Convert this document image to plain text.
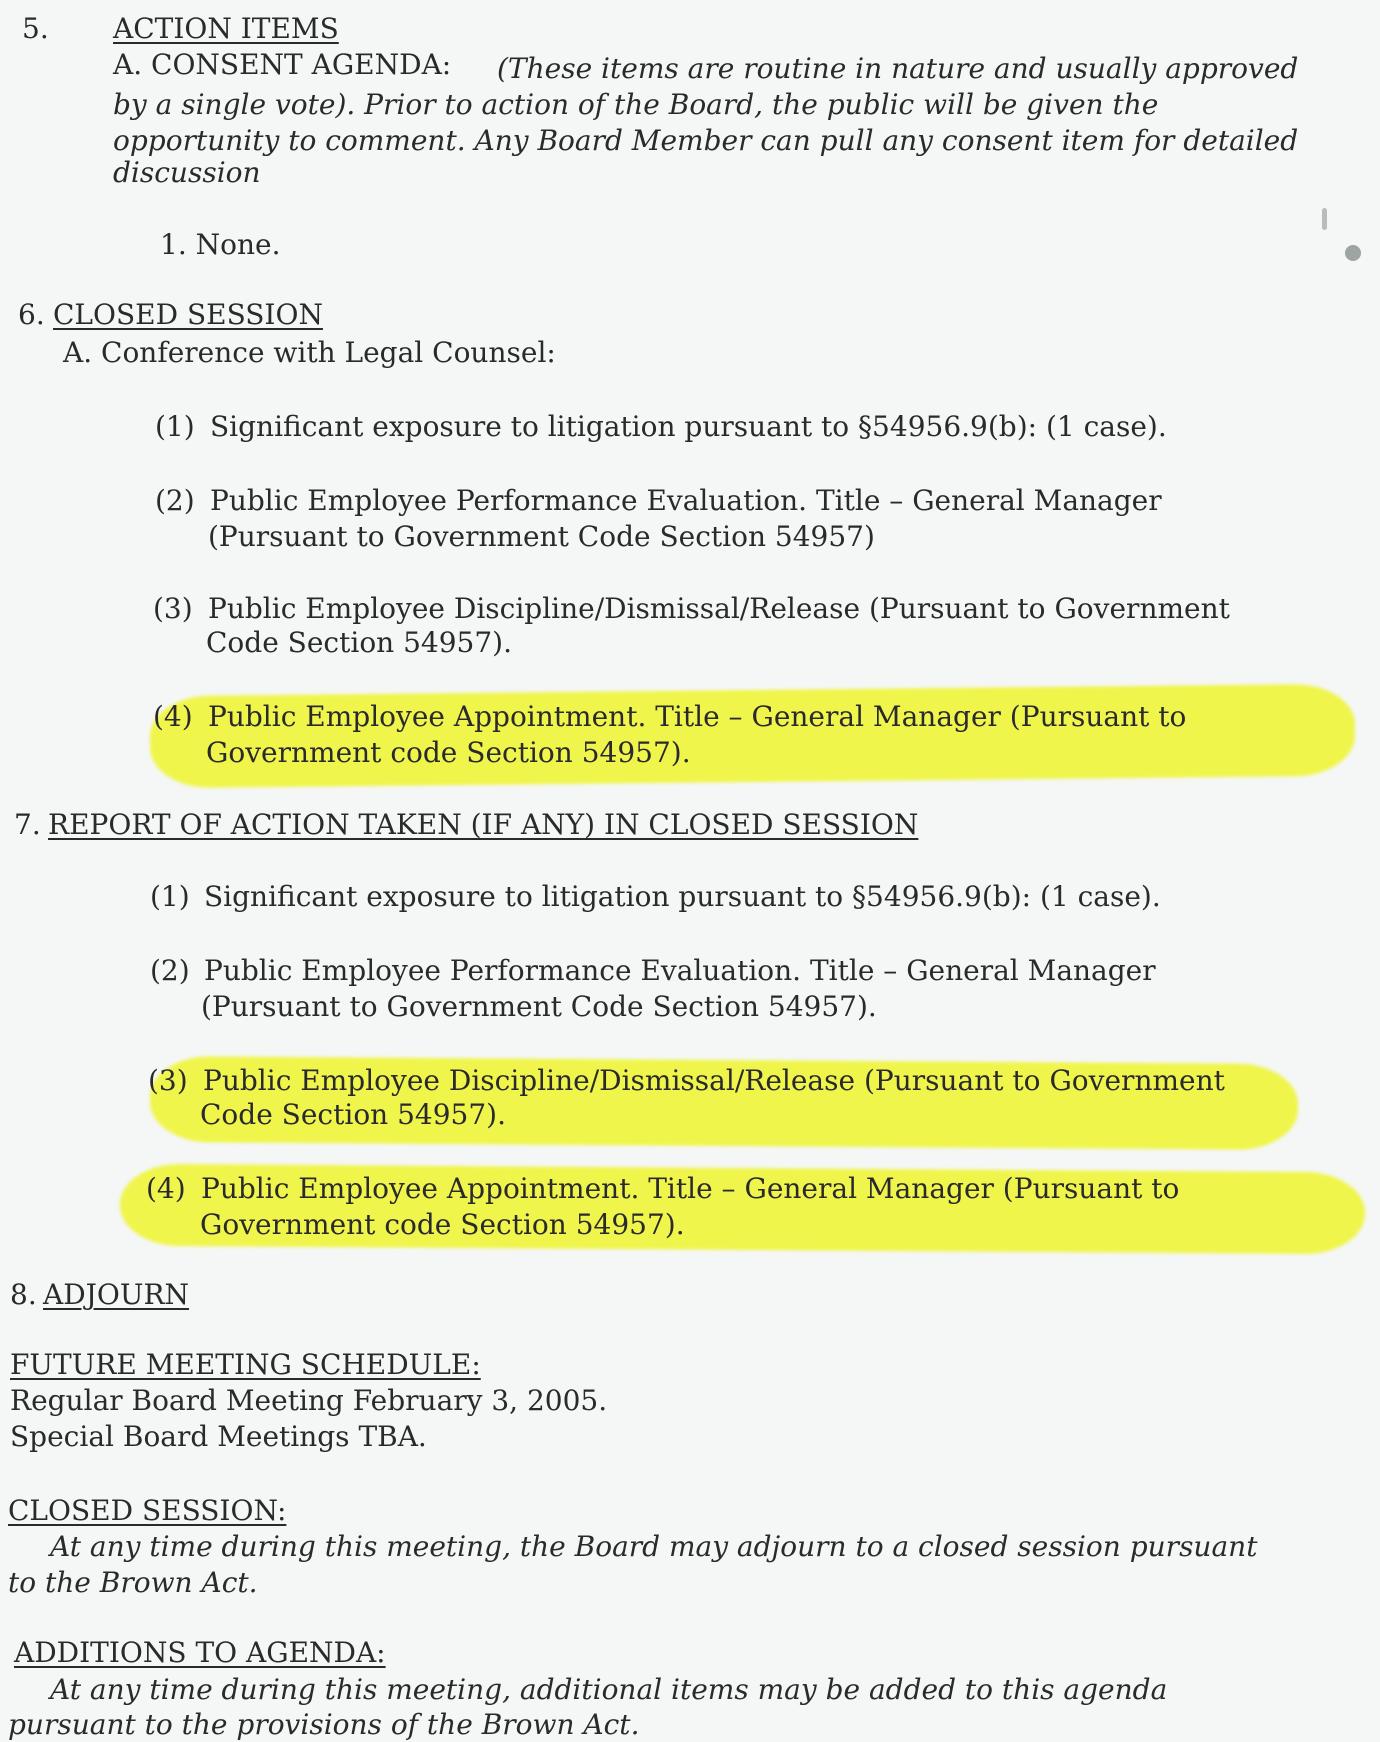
5. ACTION ITEMS
A. CONSENT AGENDA: (These items are routine in nature and usually approved
by a single vote). Prior to action of the Board, the public will be given the
opportunity to comment. Any Board Member can pull any consent item for detailed
discussion
1. None.
6. CLOSED SESSION
A. Conference with Legal Counsel:
(1) Significant exposure to litigation pursuant to §54956.9(b): (1 case).
(2) Public Employee Performance Evaluation. Title – General Manager
(Pursuant to Government Code Section 54957)
(3) Public Employee Discipline/Dismissal/Release (Pursuant to Government
Code Section 54957).
(4) Public Employee Appointment. Title – General Manager (Pursuant to
Government code Section 54957).
7. REPORT OF ACTION TAKEN (IF ANY) IN CLOSED SESSION
(1) Significant exposure to litigation pursuant to §54956.9(b): (1 case).
(2) Public Employee Performance Evaluation. Title – General Manager
(Pursuant to Government Code Section 54957).
(3) Public Employee Discipline/Dismissal/Release (Pursuant to Government
Code Section 54957).
(4) Public Employee Appointment. Title – General Manager (Pursuant to
Government code Section 54957).
8. ADJOURN
FUTURE MEETING SCHEDULE:
Regular Board Meeting February 3, 2005.
Special Board Meetings TBA.
CLOSED SESSION:
At any time during this meeting, the Board may adjourn to a closed session pursuant
to the Brown Act.
ADDITIONS TO AGENDA:
At any time during this meeting, additional items may be added to this agenda
pursuant to the provisions of the Brown Act.
